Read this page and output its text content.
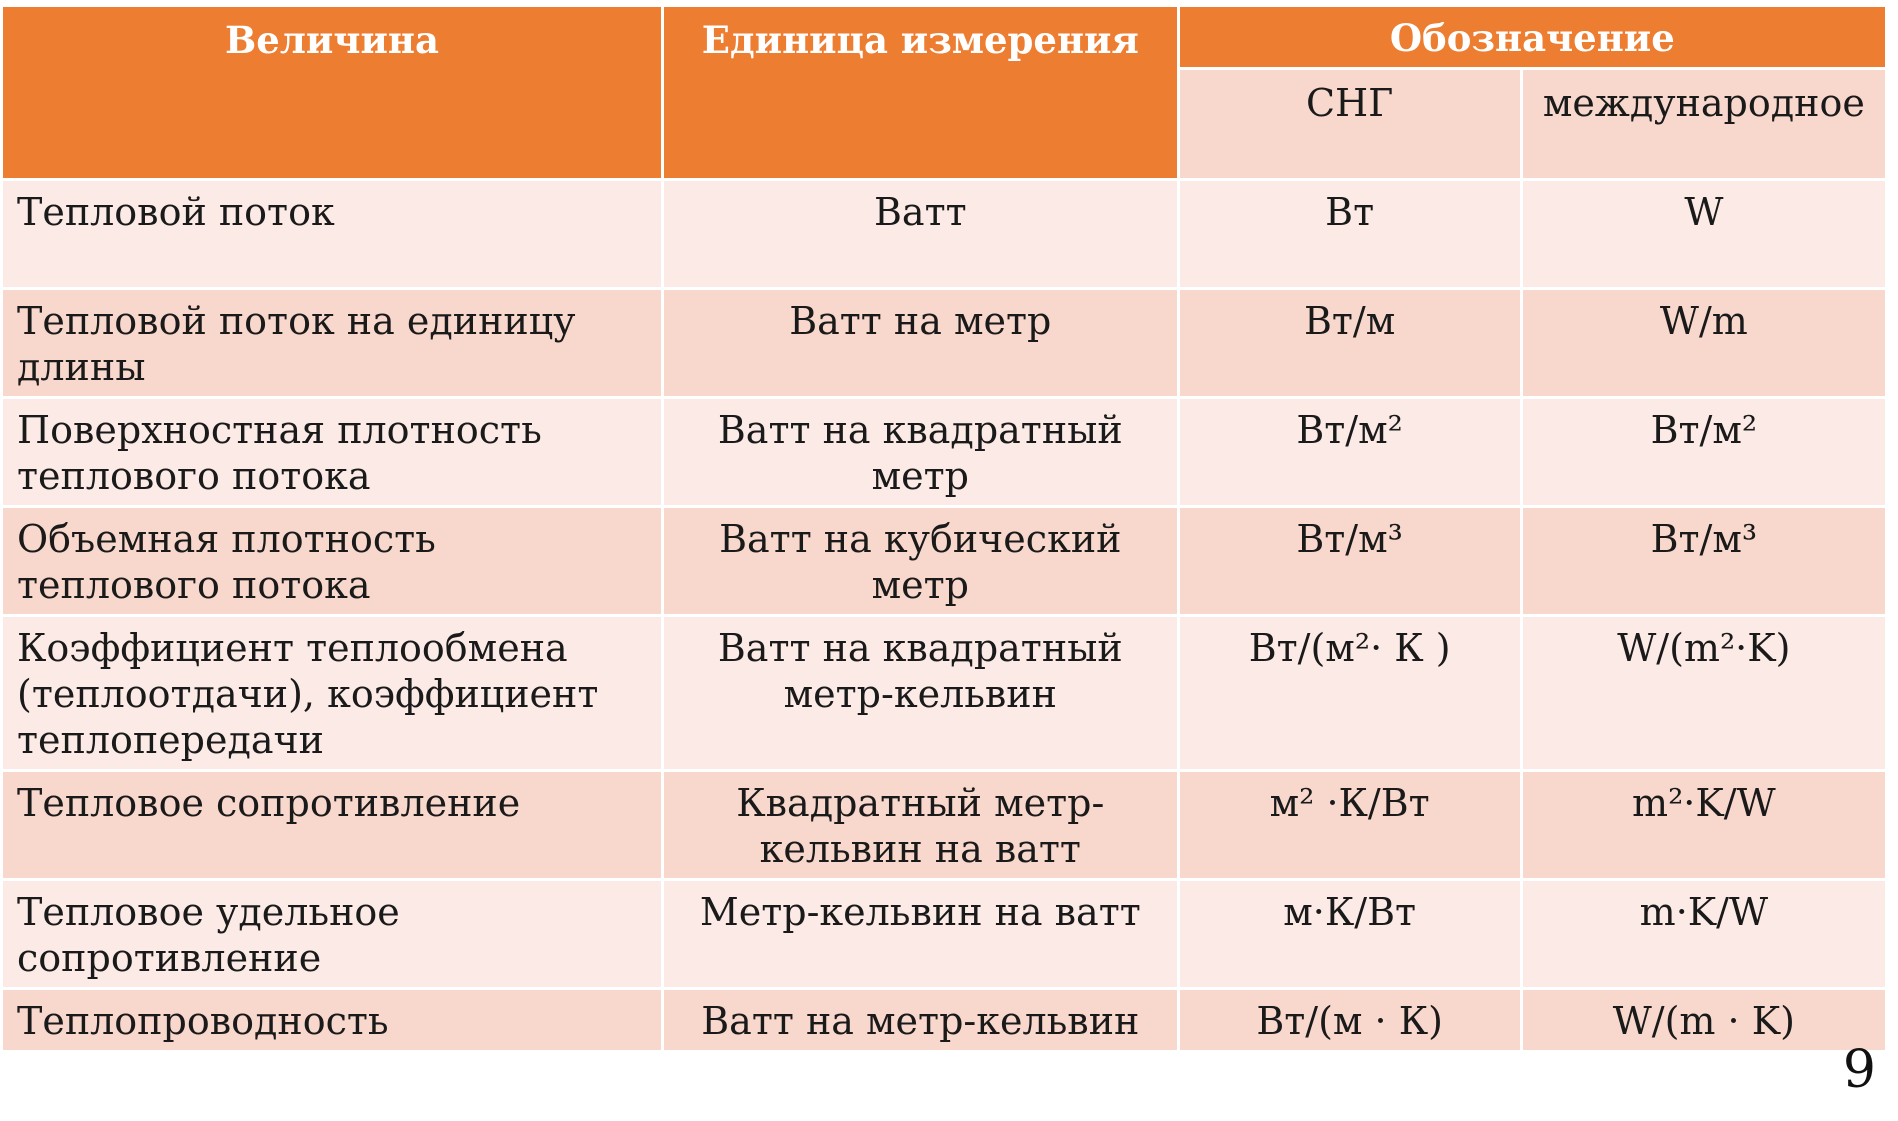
Величина	Единица измерения	Обозначение	
		СНГ	международное
Тепловой поток	Ватт	Вт	W
Тепловой поток на единицу длины	Ватт на метр	Вт/м	W/m
Поверхностная плотность теплового потока	Ватт на квадратный метр	Вт/м²	Вт/м²
Объемная плотность теплового потока	Ватт на кубический метр	Вт/м³	Вт/м³
Коэффициент теплообмена (теплоотдачи), коэффициент теплопередачи	Ватт на квадратный метр-кельвин	Вт/(м²· К )	W/(m²·K)
Тепловое сопротивление	Квадратный метр-кельвин на ватт	м² ·К/Вт	m²·K/W
Тепловое удельное сопротивление	Метр-кельвин на ватт	м·К/Вт	m·K/W
Теплопроводность	Ватт на метр-кельвин	Вт/(м · К)	W/(m · K)
9
